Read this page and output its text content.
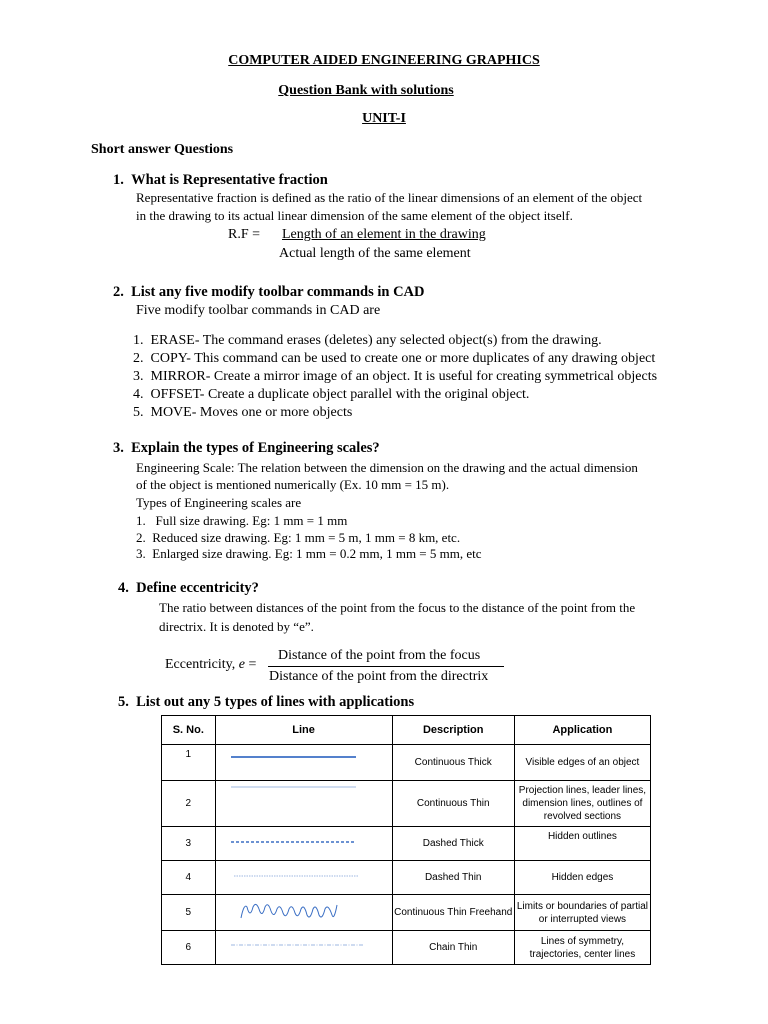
COMPUTER AIDED ENGINEERING GRAPHICS
Question Bank with solutions
UNIT-I
Short answer Questions
1.  What is Representative fraction
Representative fraction is defined as the ratio of the linear dimensions of an element of the object
in the drawing to its actual linear dimension of the same element of the object itself.
R.F = Length of an element in the drawing
Actual length of the same element
2.  List any five modify toolbar commands in CAD
Five modify toolbar commands in CAD are
1. ERASE- The command erases (deletes) any selected object(s) from the drawing.
2. COPY- This command can be used to create one or more duplicates of any drawing object
3. MIRROR- Create a mirror image of an object. It is useful for creating symmetrical objects
4. OFFSET- Create a duplicate object parallel with the original object.
5. MOVE- Moves one or more objects
3.  Explain the types of Engineering scales?
Engineering Scale: The relation between the dimension on the drawing and the actual dimension
of the object is mentioned numerically (Ex. 10 mm = 15 m).
Types of Engineering scales are
1. Full size drawing. Eg: 1 mm = 1 mm
2. Reduced size drawing. Eg: 1 mm = 5 m, 1 mm = 8 km, etc.
3. Enlarged size drawing. Eg: 1 mm = 0.2 mm, 1 mm = 5 mm, etc
4.  Define eccentricity?
The ratio between distances of the point from the focus to the distance of the point from the
directrix. It is denoted by “e”.
Eccentricity, e =
Distance of the point from the focus
Distance of the point from the directrix
5.  List out any 5 types of lines with applications
S. No.	Line	Description	Application
1		Continuous Thick	Visible edges of an object
2		Continuous Thin	Projection lines, leader lines, dimension lines, outlines of revolved sections
3		Dashed Thick	Hidden outlines
4		Dashed Thin	Hidden edges
5		Continuous Thin Freehand	Limits or boundaries of partial or interrupted views
6		Chain Thin	Lines of symmetry, trajectories, center lines
